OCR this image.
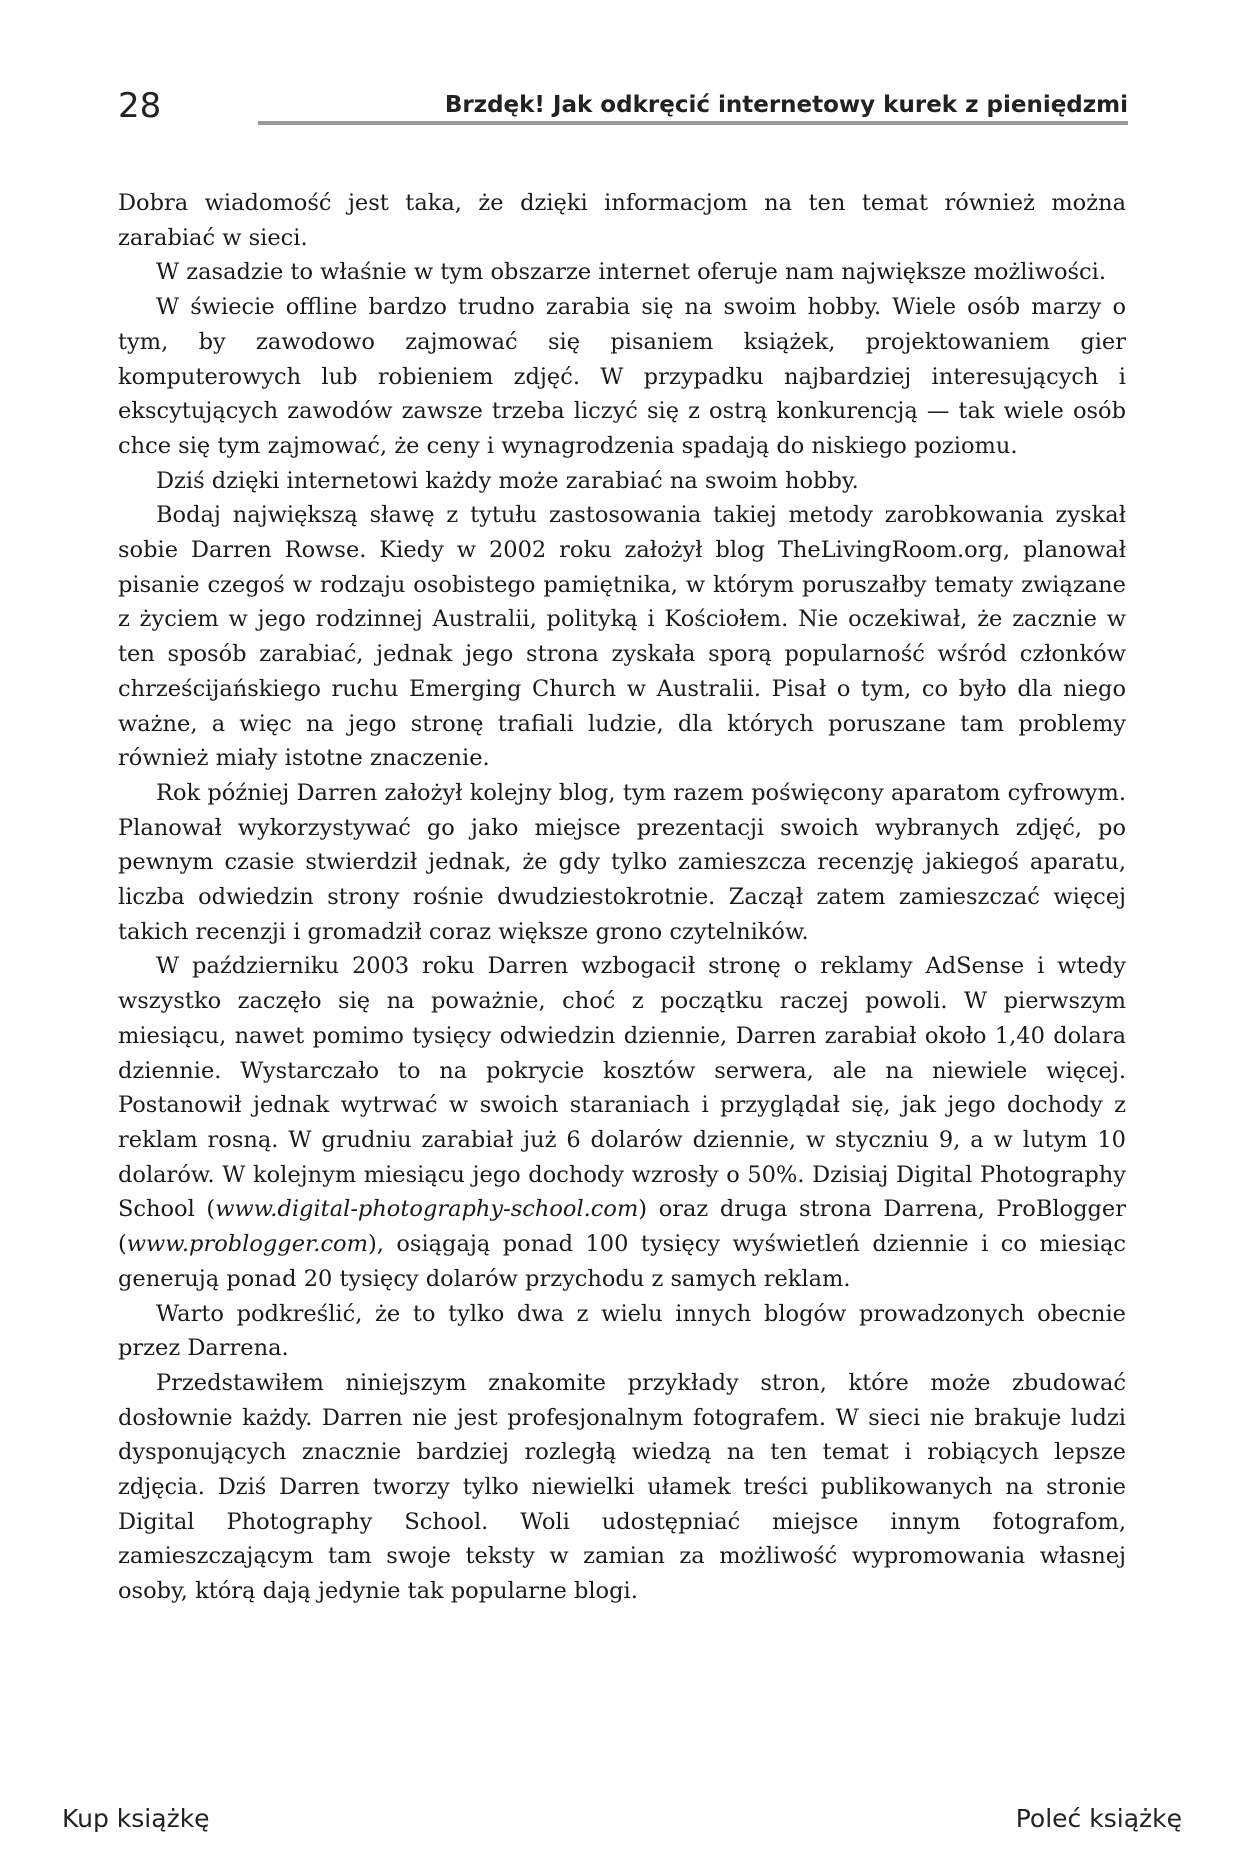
28	Brzdęk! Jak odkręcić internetowy kurek z pieniędzmi

Dobra wiadomość jest taka, że dzięki informacjom na ten temat również można zarabiać w sieci.

W zasadzie to właśnie w tym obszarze internet oferuje nam największe możliwości.

W świecie offline bardzo trudno zarabia się na swoim hobby. Wiele osób marzy o tym, by zawodowo zajmować się pisaniem książek, projektowaniem gier komputerowych lub robieniem zdjęć. W przypadku najbardziej interesujących i ekscytujących zawodów zawsze trzeba liczyć się z ostrą konkurencją — tak wiele osób chce się tym zajmować, że ceny i wynagrodzenia spadają do niskiego poziomu.

Dziś dzięki internetowi każdy może zarabiać na swoim hobby.

Bodaj największą sławę z tytułu zastosowania takiej metody zarobkowania zyskał sobie Darren Rowse. Kiedy w 2002 roku założył blog TheLivingRoom.org, planował pisanie czegoś w rodzaju osobistego pamiętnika, w którym poruszałby tematy związane z życiem w jego rodzinnej Australii, polityką i Kościołem. Nie oczekiwał, że zacznie w ten sposób zarabiać, jednak jego strona zyskała sporą popularność wśród członków chrześcijańskiego ruchu Emerging Church w Australii. Pisał o tym, co było dla niego ważne, a więc na jego stronę trafiali ludzie, dla których poruszane tam problemy również miały istotne znaczenie.

Rok później Darren założył kolejny blog, tym razem poświęcony aparatom cyfrowym. Planował wykorzystywać go jako miejsce prezentacji swoich wybranych zdjęć, po pewnym czasie stwierdził jednak, że gdy tylko zamieszcza recenzję jakiegoś aparatu, liczba odwiedzin strony rośnie dwudziestokrotnie. Zaczął zatem zamieszczać więcej takich recenzji i gromadził coraz większe grono czytelników.

W październiku 2003 roku Darren wzbogacił stronę o reklamy AdSense i wtedy wszystko zaczęło się na poważnie, choć z początku raczej powoli. W pierwszym miesiącu, nawet pomimo tysięcy odwiedzin dziennie, Darren zarabiał około 1,40 dolara dziennie. Wystarczało to na pokrycie kosztów serwera, ale na niewiele więcej. Postanowił jednak wytrwać w swoich staraniach i przyglądał się, jak jego dochody z reklam rosną. W grudniu zarabiał już 6 dolarów dziennie, w styczniu 9, a w lutym 10 dolarów. W kolejnym miesiącu jego dochody wzrosły o 50%. Dzisiaj Digital Photography School (www.digital-photography-school.com) oraz druga strona Darrena, ProBlogger (www.problogger.com), osiągają ponad 100 tysięcy wyświetleń dziennie i co miesiąc generują ponad 20 tysięcy dolarów przychodu z samych reklam.

Warto podkreślić, że to tylko dwa z wielu innych blogów prowadzonych obecnie przez Darrena.

Przedstawiłem niniejszym znakomite przykłady stron, które może zbudować dosłownie każdy. Darren nie jest profesjonalnym fotografem. W sieci nie brakuje ludzi dysponujących znacznie bardziej rozległą wiedzą na ten temat i robiących lepsze zdjęcia. Dziś Darren tworzy tylko niewielki ułamek treści publikowanych na stronie Digital Photography School. Woli udostępniać miejsce innym fotografom, zamieszczającym tam swoje teksty w zamian za możliwość wypromowania własnej osoby, którą dają jedynie tak popularne blogi.

Kup książkę	Poleć książkę
